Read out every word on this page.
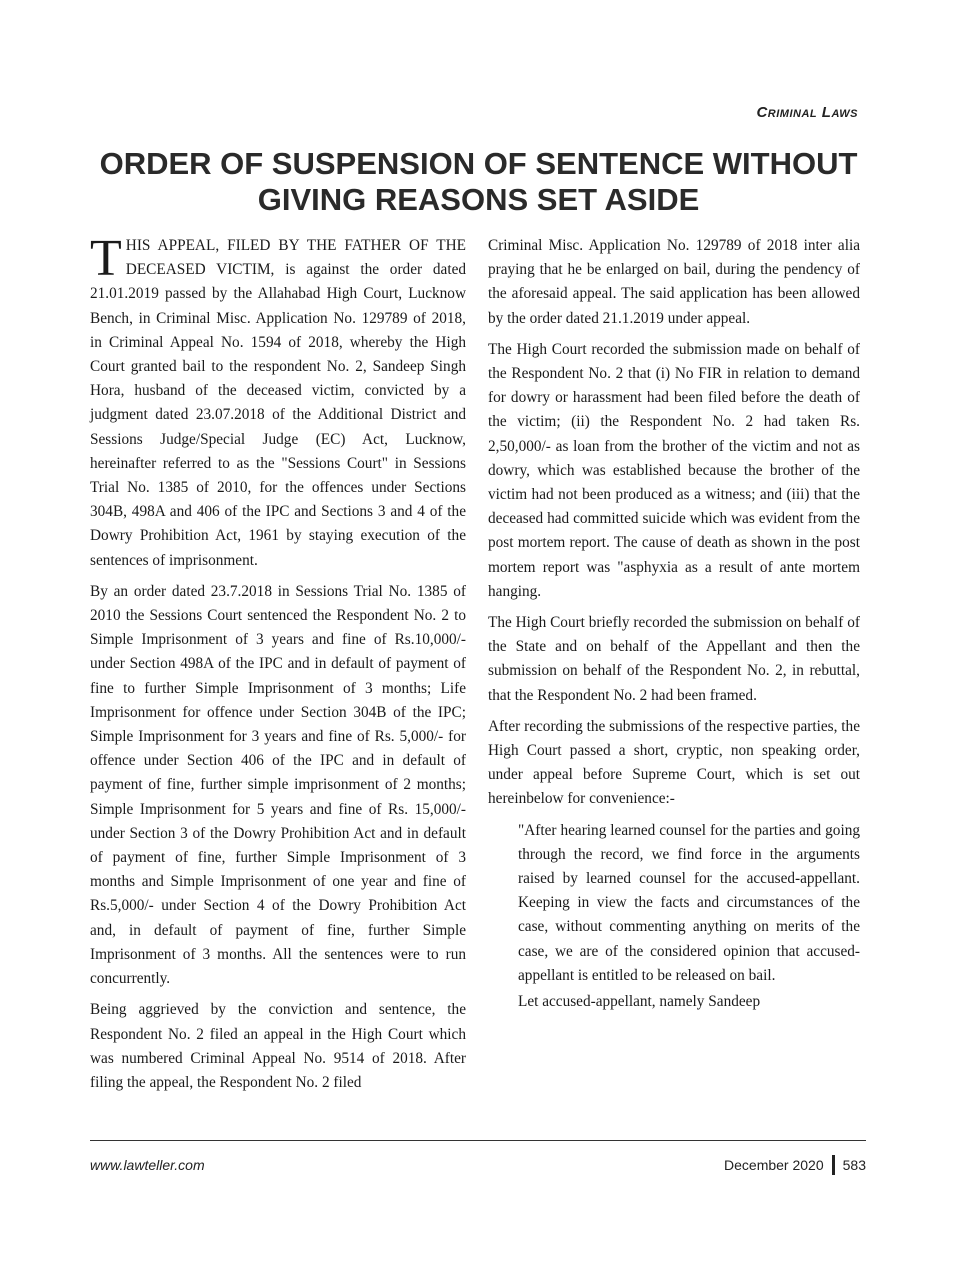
Criminal Laws
ORDER OF SUSPENSION OF SENTENCE WITHOUT GIVING REASONS SET ASIDE

THIS APPEAL, FILED BY THE FATHER OF THE DECEASED VICTIM, is against the order dated 21.01.2019 passed by the Allahabad High Court, Lucknow Bench, in Criminal Misc. Application No. 129789 of 2018, in Criminal Appeal No. 1594 of 2018, whereby the High Court granted bail to the respondent No. 2, Sandeep Singh Hora, husband of the deceased victim, convicted by a judgment dated 23.07.2018 of the Additional District and Sessions Judge/Special Judge (EC) Act, Lucknow, hereinafter referred to as the "Sessions Court" in Sessions Trial No. 1385 of 2010, for the offences under Sections 304B, 498A and 406 of the IPC and Sections 3 and 4 of the Dowry Prohibition Act, 1961 by staying execution of the sentences of imprisonment.

By an order dated 23.7.2018 in Sessions Trial No. 1385 of 2010 the Sessions Court sentenced the Respondent No. 2 to Simple Imprisonment of 3 years and fine of Rs.10,000/- under Section 498A of the IPC and in default of payment of fine to further Simple Imprisonment of 3 months; Life Imprisonment for offence under Section 304B of the IPC; Simple Imprisonment for 3 years and fine of Rs. 5,000/- for offence under Section 406 of the IPC and in default of payment of fine, further simple imprisonment of 2 months; Simple Imprisonment for 5 years and fine of Rs. 15,000/- under Section 3 of the Dowry Prohibition Act and in default of payment of fine, further Simple Imprisonment of 3 months and Simple Imprisonment of one year and fine of Rs.5,000/- under Section 4 of the Dowry Prohibition Act and, in default of payment of fine, further Simple Imprisonment of 3 months. All the sentences were to run concurrently.

Being aggrieved by the conviction and sentence, the Respondent No. 2 filed an appeal in the High Court which was numbered Criminal Appeal No. 9514 of 2018. After filing the appeal, the Respondent No. 2 filed

Criminal Misc. Application No. 129789 of 2018 inter alia praying that he be enlarged on bail, during the pendency of the aforesaid appeal. The said application has been allowed by the order dated 21.1.2019 under appeal.

The High Court recorded the submission made on behalf of the Respondent No. 2 that (i) No FIR in relation to demand for dowry or harassment had been filed before the death of the victim; (ii) the Respondent No. 2 had taken Rs. 2,50,000/- as loan from the brother of the victim and not as dowry, which was established because the brother of the victim had not been produced as a witness; and (iii) that the deceased had committed suicide which was evident from the post mortem report. The cause of death as shown in the post mortem report was "asphyxia as a result of ante mortem hanging.

The High Court briefly recorded the submission on behalf of the State and on behalf of the Appellant and then the submission on behalf of the Respondent No. 2, in rebuttal, that the Respondent No. 2 had been framed.

After recording the submissions of the respective parties, the High Court passed a short, cryptic, non speaking order, under appeal before Supreme Court, which is set out hereinbelow for convenience:-

"After hearing learned counsel for the parties and going through the record, we find force in the arguments raised by learned counsel for the accused-appellant. Keeping in view the facts and circumstances of the case, without commenting anything on merits of the case, we are of the considered opinion that accused-appellant is entitled to be released on bail.

Let accused-appellant, namely Sandeep

www.lawteller.com	December 2020 583
